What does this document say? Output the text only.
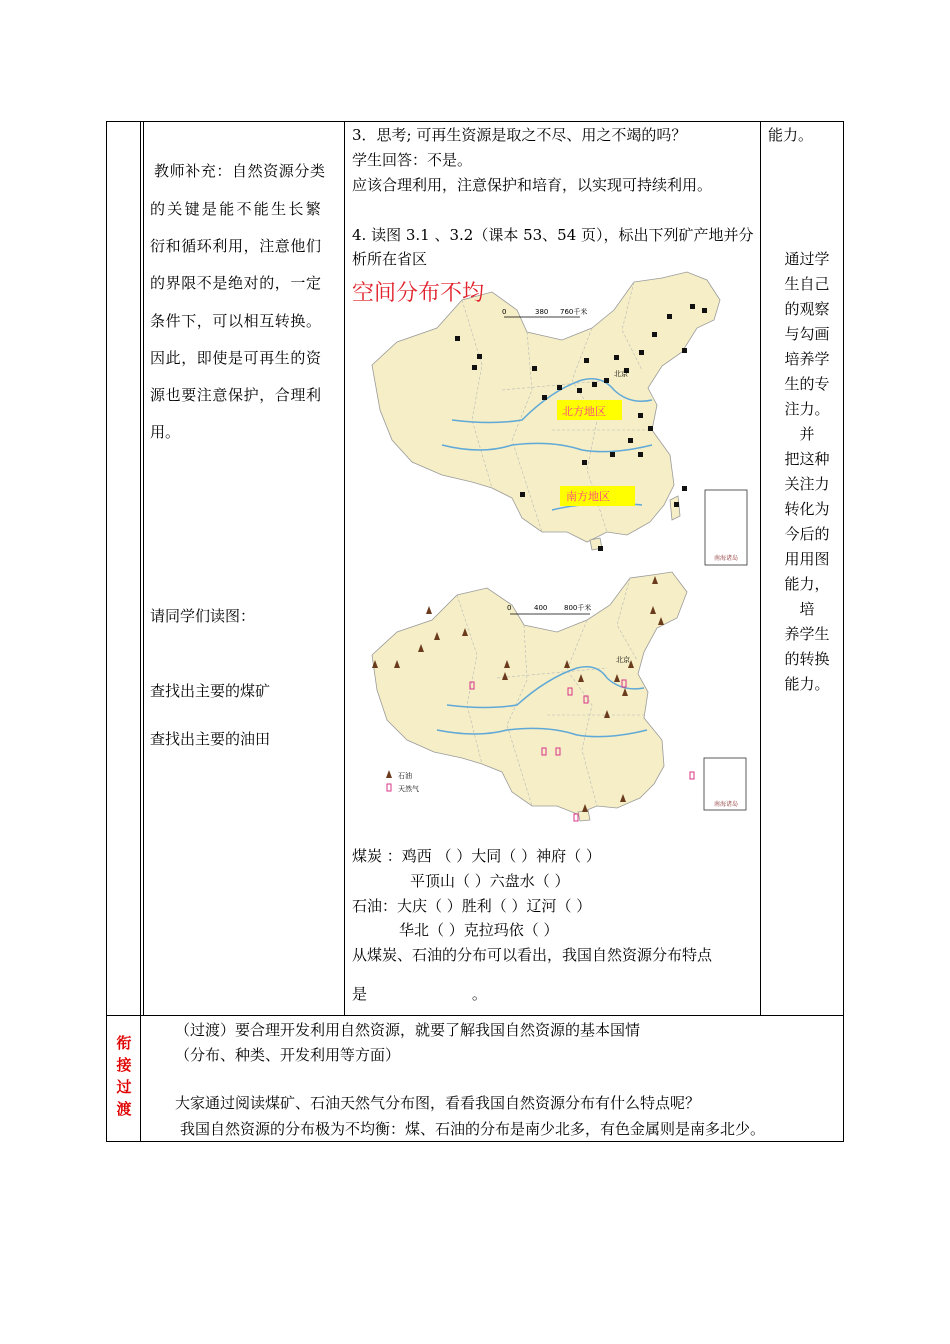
教师补充：自然资源分类

的关键是能不能生长繁

衍和循环利用，注意他们

的界限不是绝对的，一定

条件下，可以相互转换。

因此，即使是可再生的资

源也要注意保护，合理利

用。

请同学们读图：

查找出主要的煤矿

查找出主要的油田

3．思考; 可再生资源是取之不尽、用之不竭的吗？
学生回答：不是。
应该合理利用，注意保护和培育，以实现可持续利用。
4. 读图 3.1 、3.2（课本 53、54 页），标出下列矿产地并分
析所在省区
空间分布不均
0	380 760千米
北京
北方地区
南方地区
南海诸岛
0	400 800千米
北京
石油
天然气
南海诸岛
煤炭 ：鸡西 （ ）大同（ ）神府（ ）
平顶山（ ）六盘水（ ）
石油：大庆（ ）胜利（ ）辽河（ ）
华北（ ）克拉玛依（ ）
从煤炭、石油的分布可以看出，我国自然资源分布特点
是                      。
能力。
通过学
生自己
的观察
与勾画
培养学
生的专
注力。并
把这种
关注力
转化为
今后的
用用图
能力，培
养学生
的转换
能力。
衔
接
过
渡
（过渡）要合理开发利用自然资源，就要了解我国自然资源的基本国情
（分布、种类、开发利用等方面）
大家通过阅读煤矿、石油天然气分布图，看看我国自然资源分布有什么特点呢？
我国自然资源的分布极为不均衡：煤、石油的分布是南少北多，有色金属则是南多北少。
